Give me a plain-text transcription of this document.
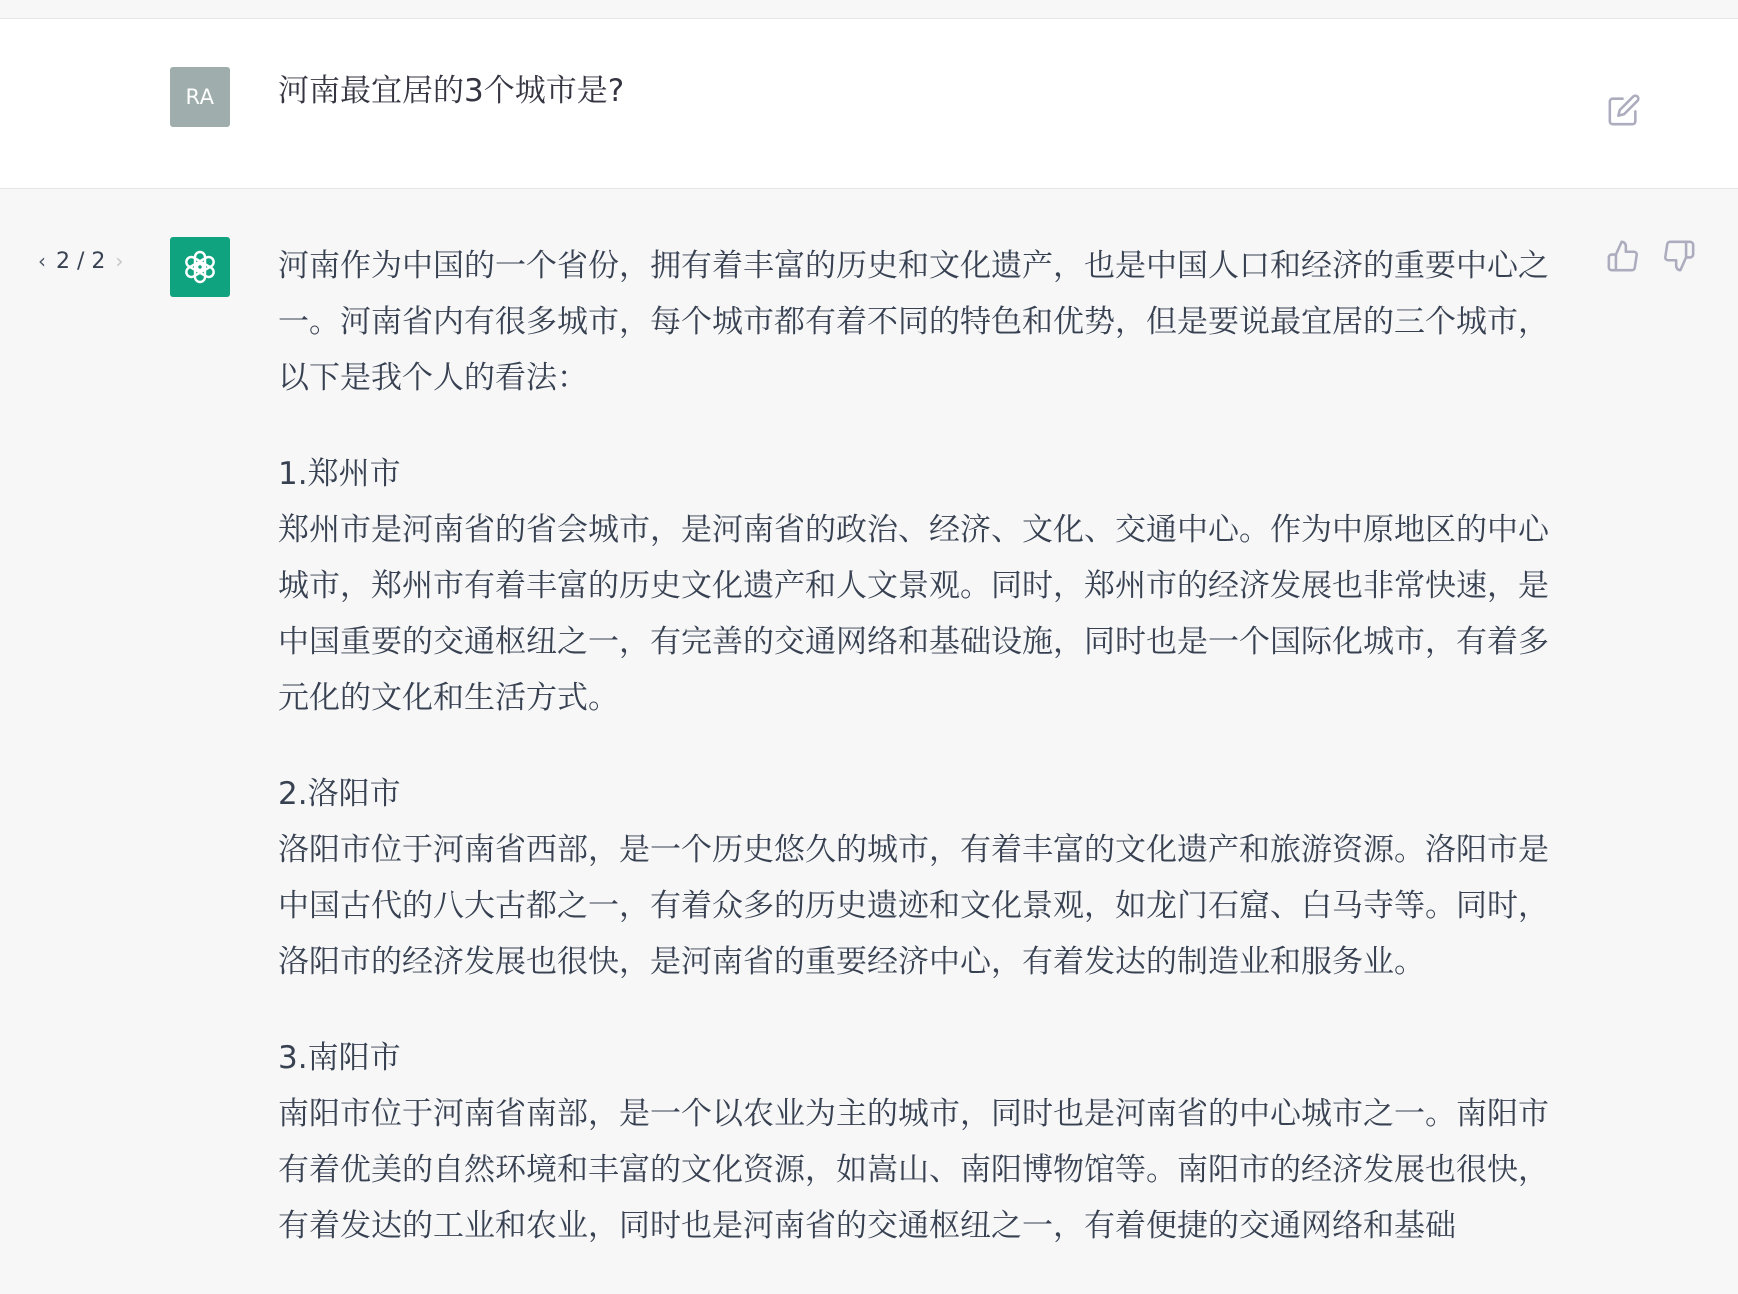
RA 河南最宜居的3个城市是?
‹ 2 / 2 ›	河南作为中国的一个省份，拥有着丰富的历史和文化遗产，也是中国人口和经济的重要中心之一。河南省内有很多城市，每个城市都有着不同的特色和优势，但是要说最宜居的三个城市，以下是我个人的看法：

1.郑州市
郑州市是河南省的省会城市，是河南省的政治、经济、文化、交通中心。作为中原地区的中心城市，郑州市有着丰富的历史文化遗产和人文景观。同时，郑州市的经济发展也非常快速，是中国重要的交通枢纽之一，有完善的交通网络和基础设施，同时也是一个国际化城市，有着多元化的文化和生活方式。
2.洛阳市
洛阳市位于河南省西部，是一个历史悠久的城市，有着丰富的文化遗产和旅游资源。洛阳市是中国古代的八大古都之一，有着众多的历史遗迹和文化景观，如龙门石窟、白马寺等。同时，洛阳市的经济发展也很快，是河南省的重要经济中心，有着发达的制造业和服务业。
3.南阳市
南阳市位于河南省南部，是一个以农业为主的城市，同时也是河南省的中心城市之一。南阳市有着优美的自然环境和丰富的文化资源，如嵩山、南阳博物馆等。南阳市的经济发展也很快，有着发达的工业和农业，同时也是河南省的交通枢纽之一，有着便捷的交通网络和基础
